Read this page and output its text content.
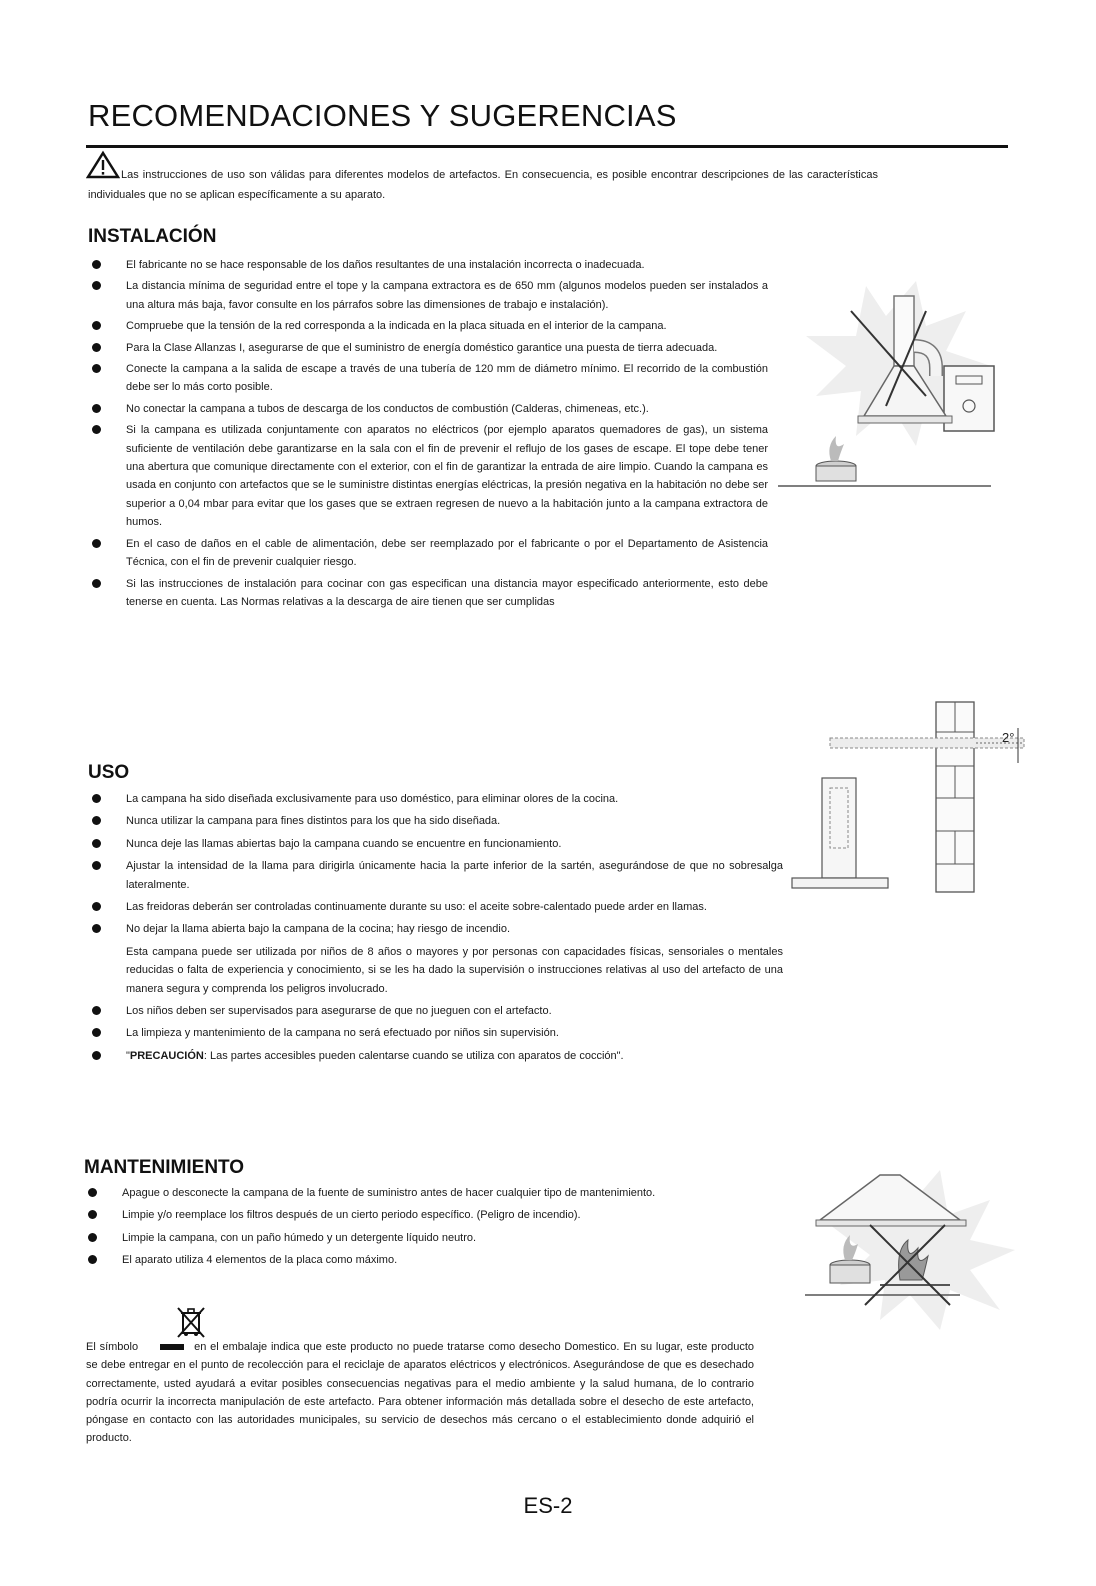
RECOMENDACIONES Y SUGERENCIAS
Las instrucciones de uso son válidas para diferentes modelos de artefactos. En consecuencia, es posible encontrar descripciones de las características individuales que no se aplican específicamente a su aparato.
INSTALACIÓN
El fabricante no se hace responsable de los daños resultantes de una instalación incorrecta o inadecuada.
La distancia mínima de seguridad entre el tope y la campana extractora es de 650 mm (algunos modelos pueden ser instalados a una altura más baja, favor consulte en los párrafos sobre las dimensiones de trabajo e instalación).
Compruebe que la tensión de la red corresponda a la indicada en la placa situada en el interior de la campana.
Para la Clase Allanzas I, asegurarse de que el suministro de energía doméstico garantice una puesta de tierra adecuada.
Conecte la campana a la salida de escape a través de una tubería de 120 mm de diámetro mínimo. El recorrido de la combustión debe ser lo más corto posible.
No conectar la campana a tubos de descarga de los conductos de combustión (Calderas, chimeneas, etc.).
Si la campana es utilizada conjuntamente con aparatos no eléctricos (por ejemplo aparatos quemadores de gas), un sistema suficiente de ventilación debe garantizarse en la sala con el fin de prevenir el reflujo de los gases de escape. El tope debe tener una abertura que comunique directamente con el exterior, con el fin de garantizar la entrada de aire limpio. Cuando la campana es usada en conjunto con artefactos que se le suministre distintas energías eléctricas, la presión negativa en la habitación no debe ser superior a 0,04 mbar para evitar que los gases que se extraen regresen de nuevo a la habitación junto a la campana extractora de humos.
En el caso de daños en el cable de alimentación, debe ser reemplazado por el fabricante o por el Departamento de Asistencia Técnica, con el fin de prevenir cualquier riesgo.
Si las instrucciones de instalación para cocinar con gas especifican una distancia mayor especificado anteriormente, esto debe tenerse en cuenta. Las Normas relativas a la descarga de aire tienen que ser cumplidas
USO
La campana ha sido diseñada exclusivamente para uso doméstico, para eliminar olores de la cocina.
Nunca utilizar la campana para fines distintos para los que ha sido diseñada.
Nunca deje las llamas abiertas bajo la campana cuando se encuentre en funcionamiento.
Ajustar la intensidad de la llama para dirigirla únicamente hacia la parte inferior de la sartén, asegurándose de que no sobresalga lateralmente.
Las freidoras deberán ser controladas continuamente durante su uso: el aceite sobre-calentado puede arder en llamas.
No dejar la llama abierta bajo la campana de la cocina; hay riesgo de incendio.
Esta campana puede ser utilizada por niños de 8 años o mayores y por personas con capacidades físicas, sensoriales o mentales reducidas o falta de experiencia y conocimiento, si se les ha dado la supervisión o instrucciones relativas al uso del artefacto de una manera segura y comprenda los peligros involucrado.
Los niños deben ser supervisados para asegurarse de que no jueguen con el artefacto.
La limpieza y mantenimiento de la campana no será efectuado por niños sin supervisión.
"PRECAUCIÓN: Las partes accesibles pueden calentarse cuando se utiliza con aparatos de cocción".
MANTENIMIENTO
Apague o desconecte la campana de la fuente de suministro antes de hacer cualquier tipo de mantenimiento.
Limpie y/o reemplace los filtros después de un cierto periodo específico. (Peligro de incendio).
Limpie la campana, con un paño húmedo y un detergente líquido neutro.
El aparato utiliza 4 elementos de la placa como máximo.
El símbolo	en el embalaje indica que este producto no puede tratarse como desecho Domestico. En su lugar, este producto se debe entregar en el punto de recolección para el reciclaje de aparatos eléctricos y electrónicos. Asegurándose de que es desechado correctamente, usted ayudará a evitar posibles consecuencias negativas para el medio ambiente y la salud humana, de lo contrario podría ocurrir la incorrecta manipulación de este artefacto. Para obtener información más detallada sobre el desecho de este artefacto, póngase en contacto con las autoridades municipales, su servicio de desechos más cercano o el establecimiento donde adquirió el producto.
ES-2
2°
